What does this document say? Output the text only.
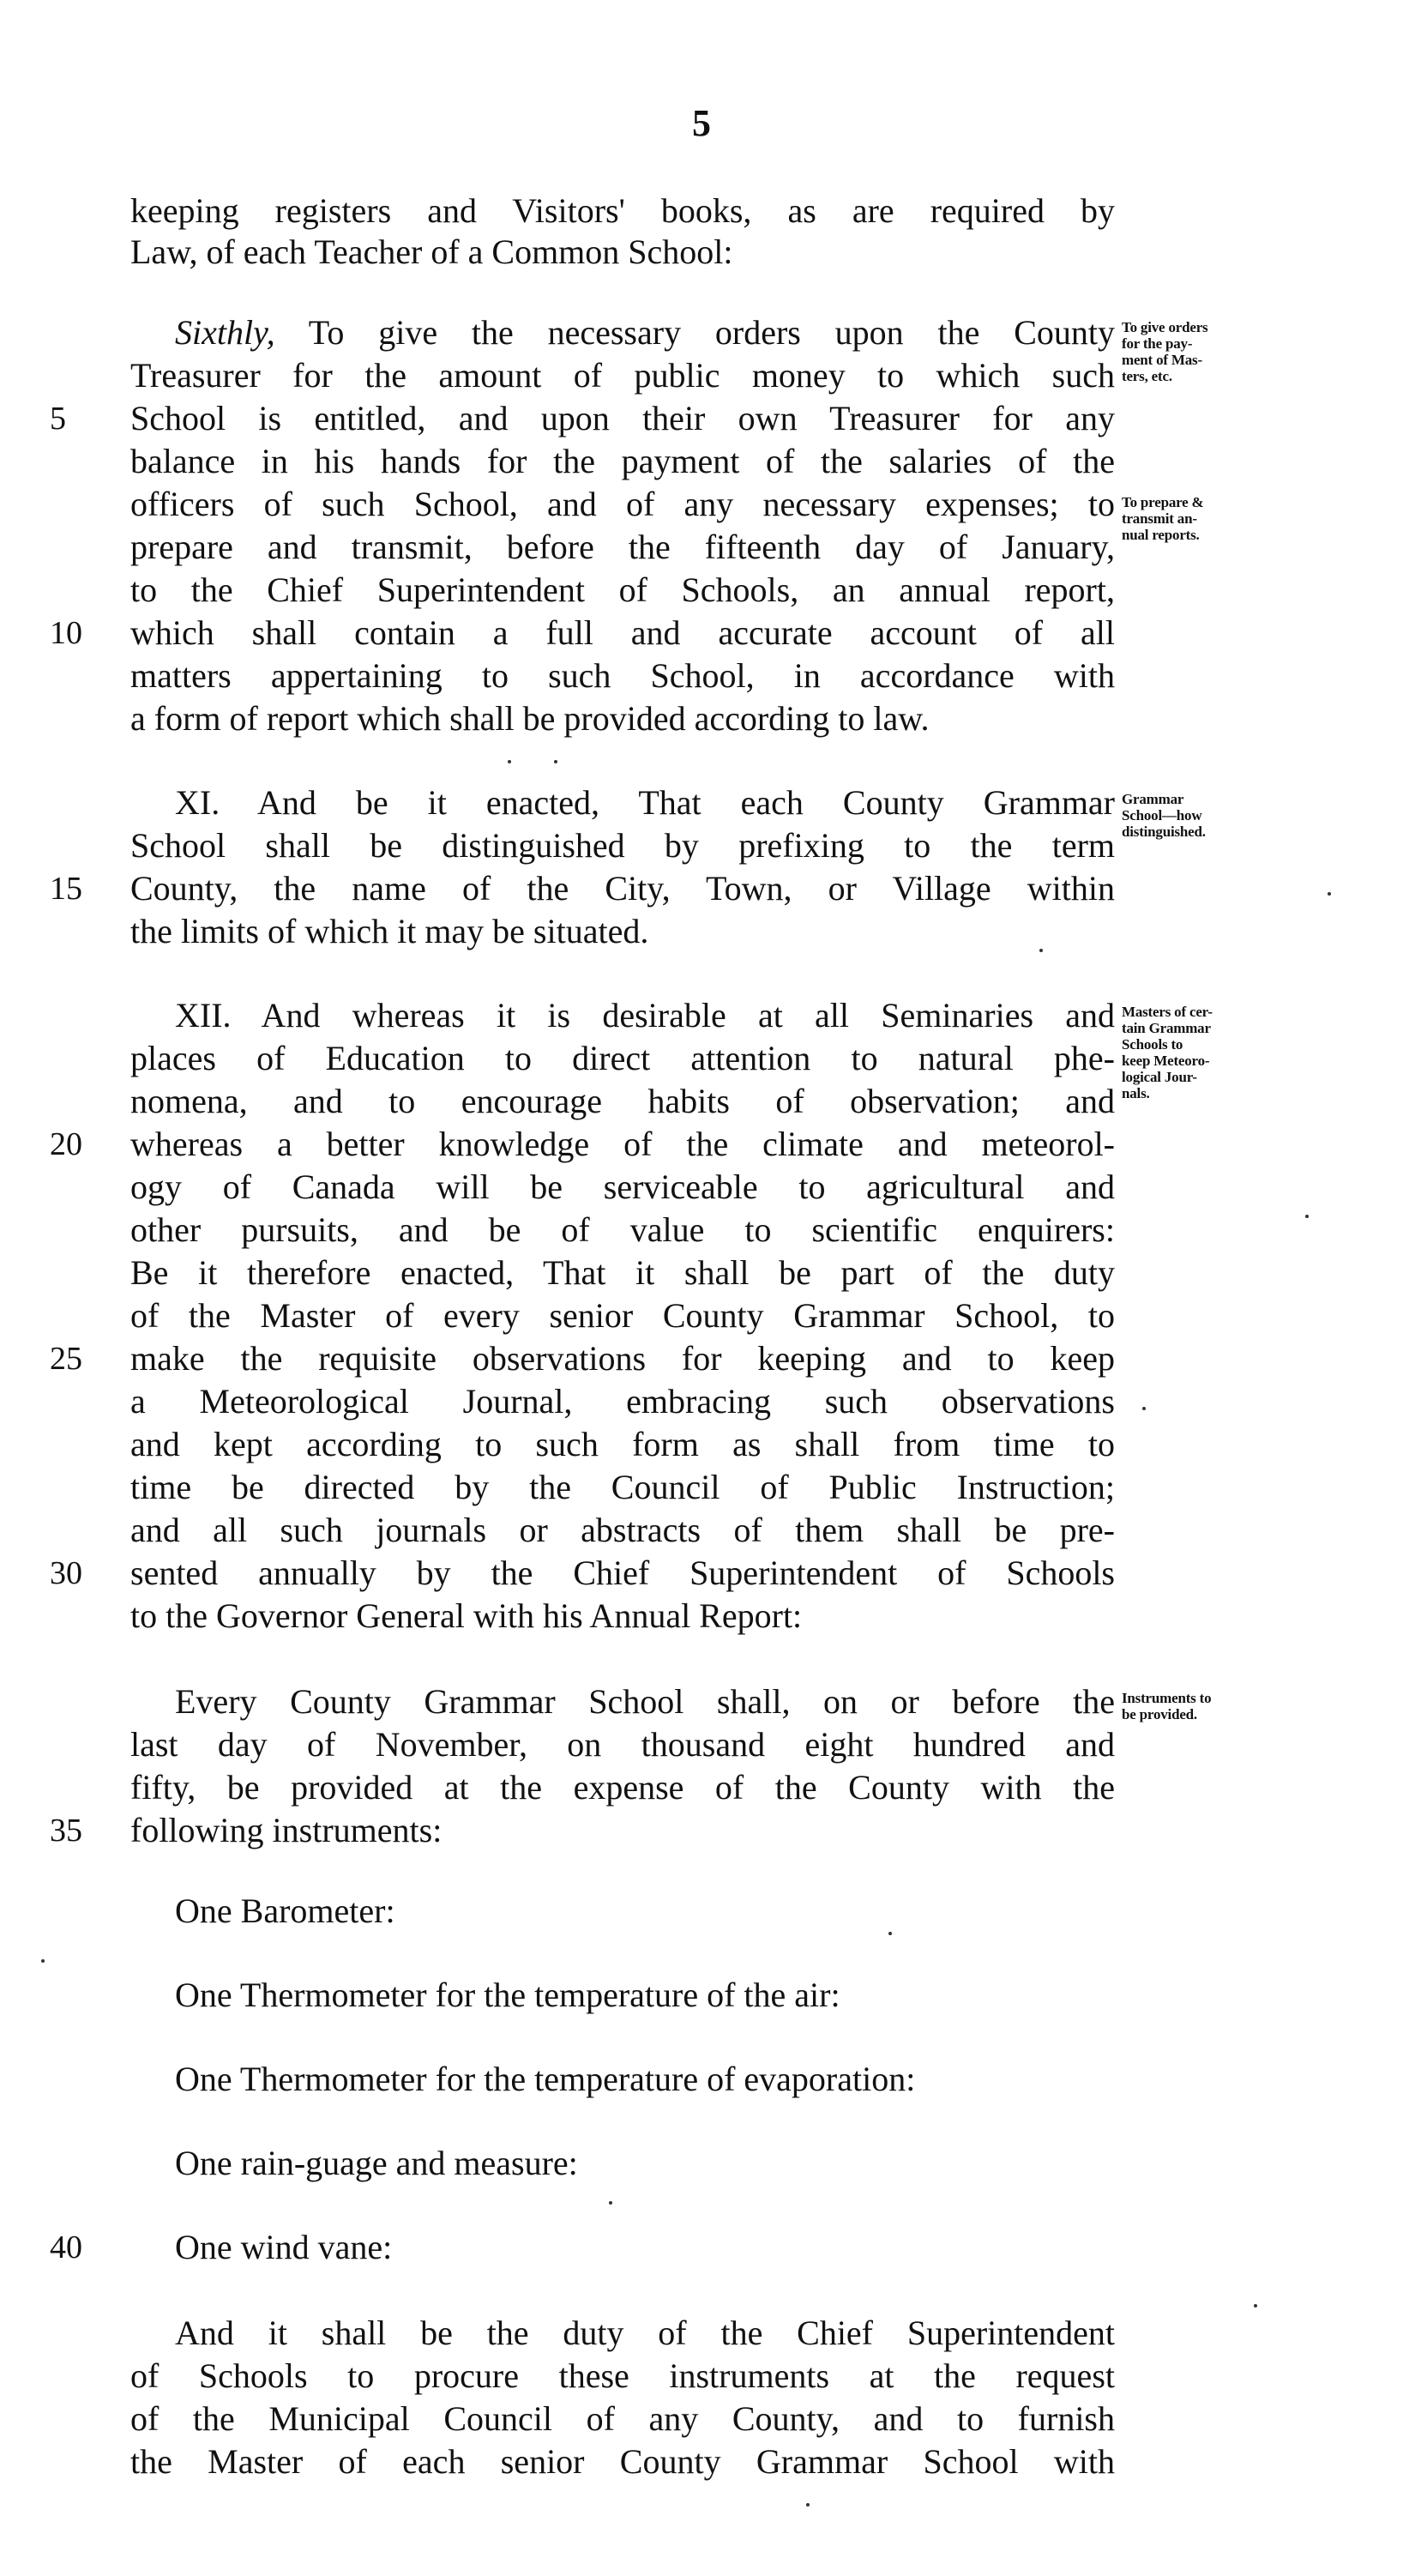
5
keeping registers and Visitors' books, as are required by
Law, of each Teacher of a Common School:
Sixthly, To give the necessary orders upon the County
Treasurer for the amount of public money to which such
School is entitled, and upon their own Treasurer for any
balance in his hands for the payment of the salaries of the
officers of such School, and of any necessary expenses; to
prepare and transmit, before the fifteenth day of January,
to the Chief Superintendent of Schools, an annual report,
which shall contain a full and accurate account of all
matters appertaining to such School, in accordance with
a form of report which shall be provided according to law.
XI. And be it enacted, That each County Grammar
School shall be distinguished by prefixing to the term
County, the name of the City, Town, or Village within
the limits of which it may be situated.
XII. And whereas it is desirable at all Seminaries and
places of Education to direct attention to natural phe-
nomena, and to encourage habits of observation; and
whereas a better knowledge of the climate and meteorol-
ogy of Canada will be serviceable to agricultural and
other pursuits, and be of value to scientific enquirers:
Be it therefore enacted, That it shall be part of the duty
of the Master of every senior County Grammar School, to
make the requisite observations for keeping and to keep
a Meteorological Journal, embracing such observations
and kept according to such form as shall from time to
time be directed by the Council of Public Instruction;
and all such journals or abstracts of them shall be pre-
sented annually by the Chief Superintendent of Schools
to the Governor General with his Annual Report:
Every County Grammar School shall, on or before the
last day of November, on thousand eight hundred and
fifty, be provided at the expense of the County with the
following instruments:
One Barometer:
One Thermometer for the temperature of the air:
One Thermometer for the temperature of evaporation:
One rain-guage and measure:
One wind vane:
And it shall be the duty of the Chief Superintendent
of Schools to procure these instruments at the request
of the Municipal Council of any County, and to furnish
the Master of each senior County Grammar School with
5
10
15
20
25
30
35
40
To give orders
for the pay-
ment of Mas-
ters, etc.
To prepare &
transmit an-
nual reports.
Grammar
School—how
distinguished.
Masters of cer-
tain Grammar
Schools to
keep Meteoro-
logical Jour-
nals.
Instruments to
be provided.
